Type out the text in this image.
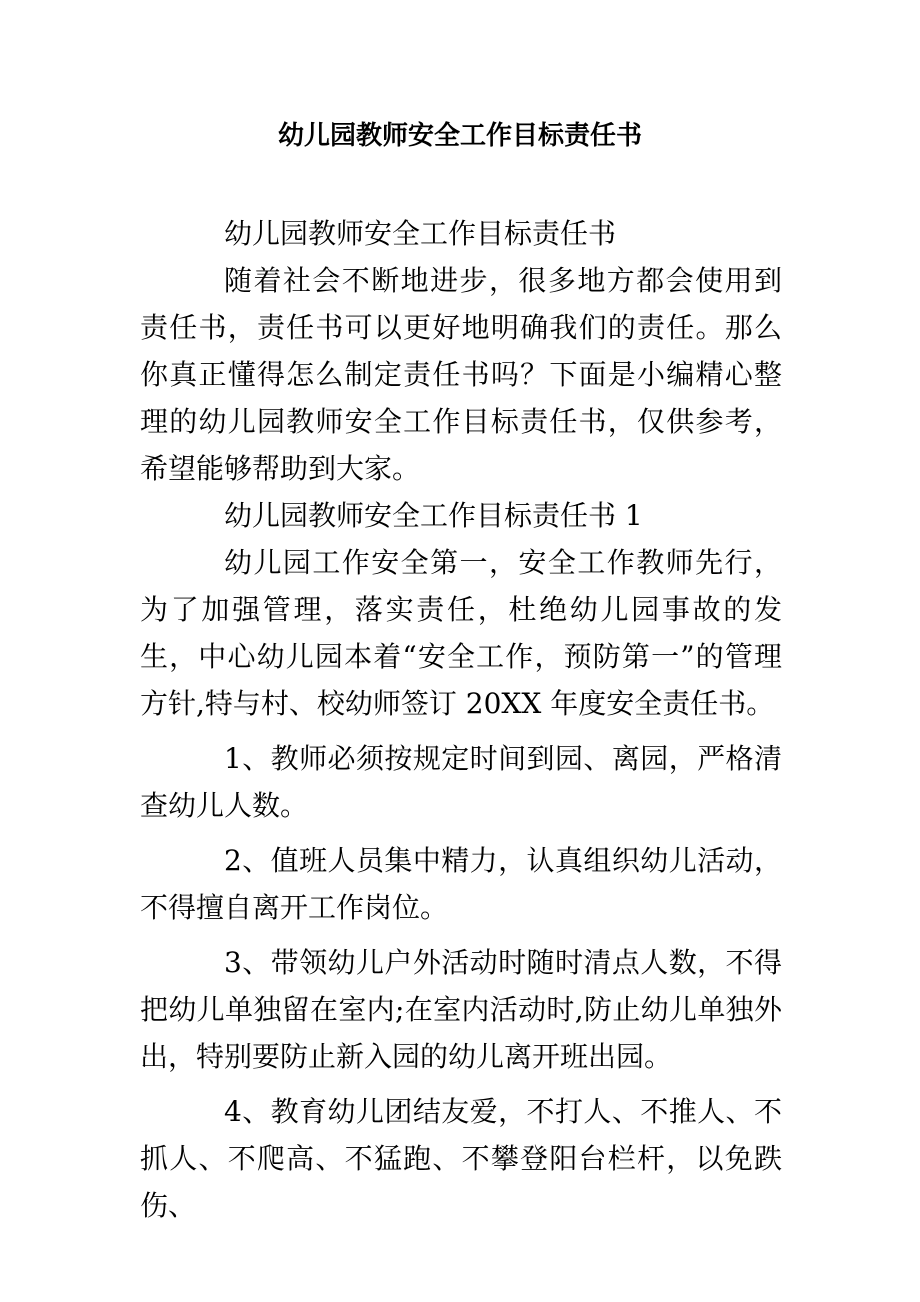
幼儿园教师安全工作目标责任书

幼儿园教师安全工作目标责任书

随着社会不断地进步，很多地方都会使用到责任书，责任书可以更好地明确我们的责任。那么你真正懂得怎么制定责任书吗？下面是小编精心整理的幼儿园教师安全工作目标责任书，仅供参考，希望能够帮助到大家。

幼儿园教师安全工作目标责任书 1

幼儿园工作安全第一，安全工作教师先行，为了加强管理，落实责任，杜绝幼儿园事故的发生，中心幼儿园本着“安全工作，预防第一”的管理方针,特与村、校幼师签订 20XX 年度安全责任书。

1、教师必须按规定时间到园、离园，严格清查幼儿人数。

2、值班人员集中精力，认真组织幼儿活动，不得擅自离开工作岗位。

3、带领幼儿户外活动时随时清点人数，不得把幼儿单独留在室内;在室内活动时,防止幼儿单独外出，特别要防止新入园的幼儿离开班出园。

4、教育幼儿团结友爱，不打人、不推人、不抓人、不爬高、不猛跑、不攀登阳台栏杆，以免跌伤、
